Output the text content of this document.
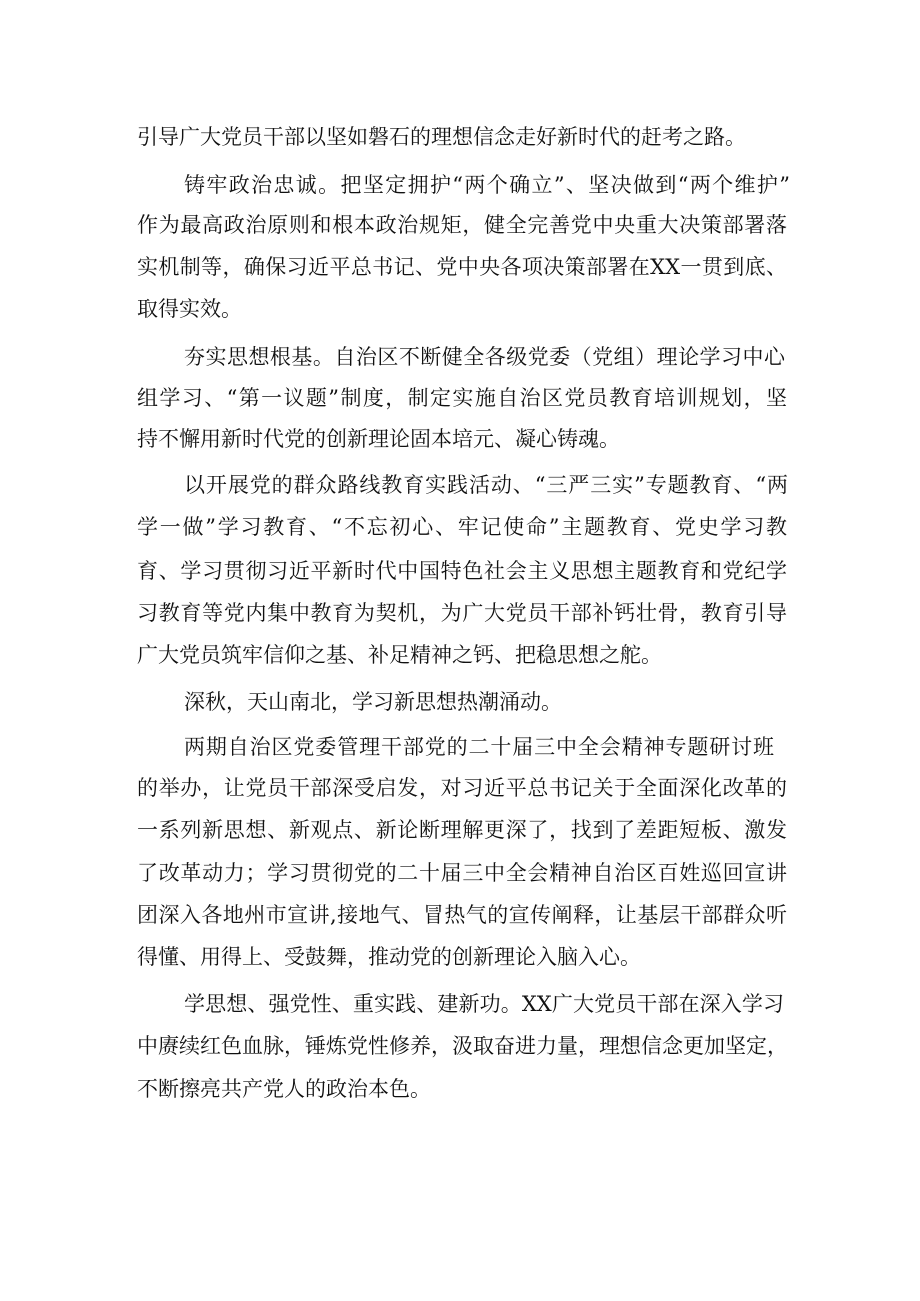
引导广大党员干部以坚如磐石的理想信念走好新时代的赶考之路。
铸牢政治忠诚。把坚定拥护“两个确立”、坚决做到“两个维护”
作为最高政治原则和根本政治规矩，健全完善党中央重大决策部署落
实机制等，确保习近平总书记、党中央各项决策部署在XX一贯到底、
取得实效。
夯实思想根基。自治区不断健全各级党委（党组）理论学习中心
组学习、“第一议题”制度，制定实施自治区党员教育培训规划，坚
持不懈用新时代党的创新理论固本培元、凝心铸魂。
以开展党的群众路线教育实践活动、“三严三实”专题教育、“两
学一做”学习教育、“不忘初心、牢记使命”主题教育、党史学习教
育、学习贯彻习近平新时代中国特色社会主义思想主题教育和党纪学
习教育等党内集中教育为契机，为广大党员干部补钙壮骨，教育引导
广大党员筑牢信仰之基、补足精神之钙、把稳思想之舵。
深秋，天山南北，学习新思想热潮涌动。
两期自治区党委管理干部党的二十届三中全会精神专题研讨班
的举办，让党员干部深受启发，对习近平总书记关于全面深化改革的
一系列新思想、新观点、新论断理解更深了，找到了差距短板、激发
了改革动力；学习贯彻党的二十届三中全会精神自治区百姓巡回宣讲
团深入各地州市宣讲,接地气、冒热气的宣传阐释，让基层干部群众听
得懂、用得上、受鼓舞，推动党的创新理论入脑入心。
学思想、强党性、重实践、建新功。XX广大党员干部在深入学习
中赓续红色血脉，锤炼党性修养，汲取奋进力量，理想信念更加坚定，
不断擦亮共产党人的政治本色。
